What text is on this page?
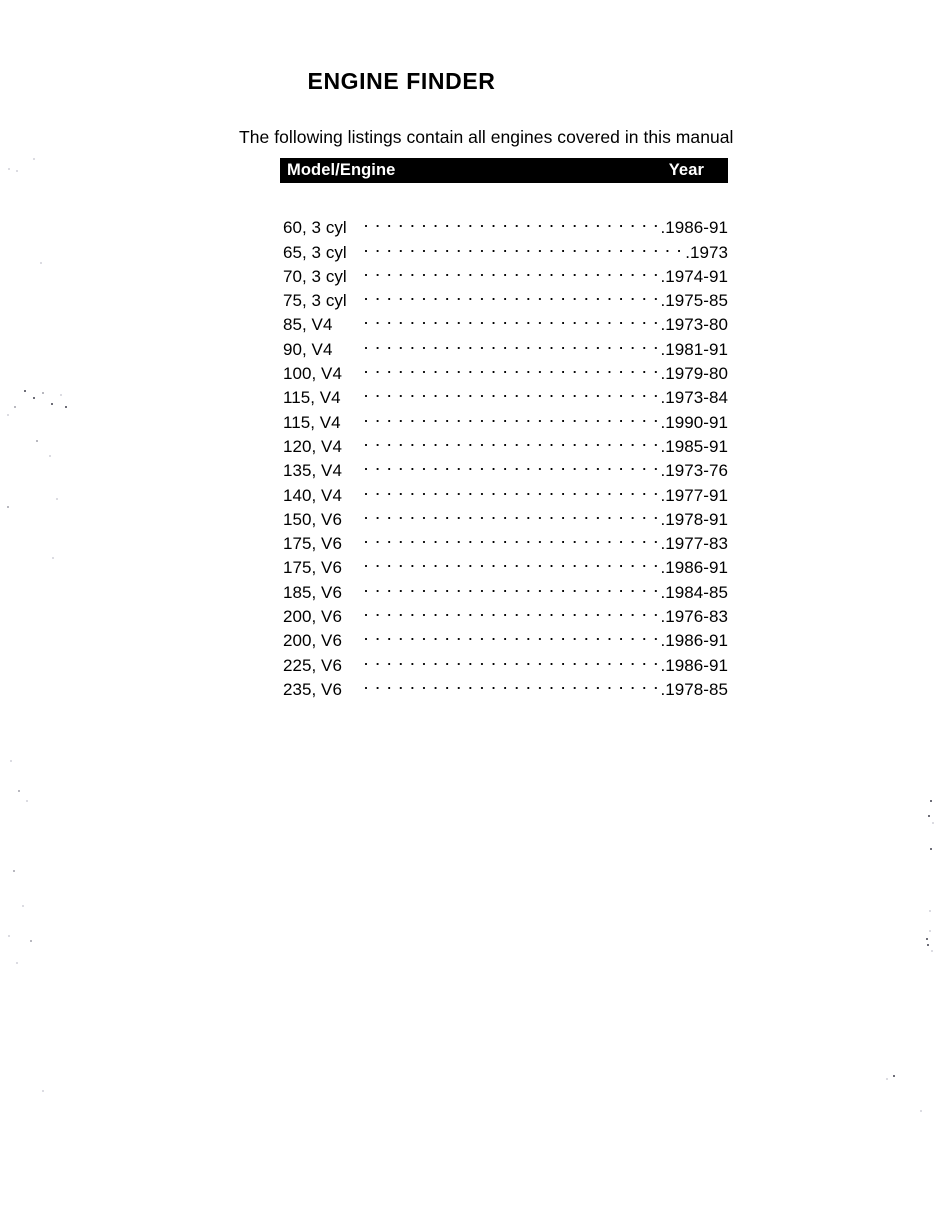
ENGINE FINDER

The following listings contain all engines covered in this manual

Model/Engine	Year
60, 3 cyl	. 1986-91
65, 3 cyl	. 1973
70, 3 cyl	. 1974-91
75, 3 cyl	. 1975-85
85, V4	. 1973-80
90, V4	. 1981-91
100, V4	. 1979-80
115, V4	. 1973-84
115, V4	. 1990-91
120, V4	. 1985-91
135, V4	. 1973-76
140, V4	. 1977-91
150, V6	. 1978-91
175, V6	. 1977-83
175, V6	. 1986-91
185, V6	. 1984-85
200, V6	. 1976-83
200, V6	. 1986-91
225, V6	. 1986-91
235, V6	. 1978-85
